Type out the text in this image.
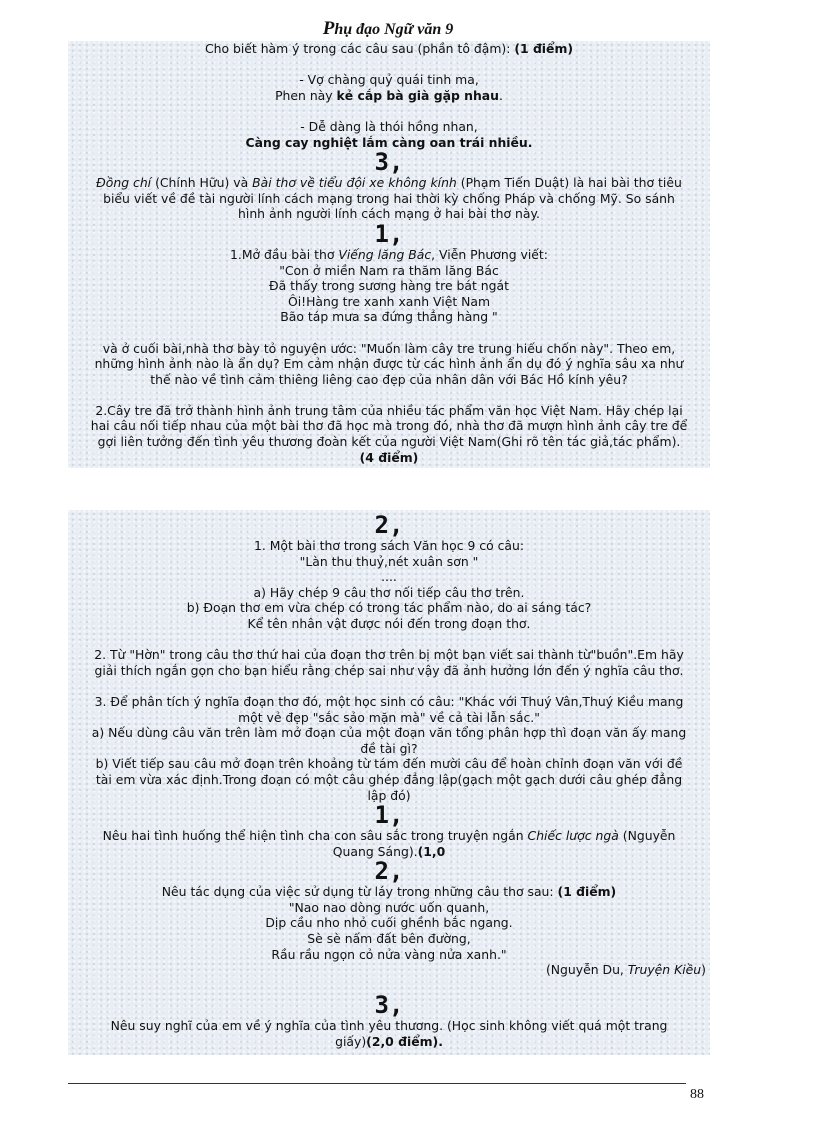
Phụ đạo Ngữ văn 9

Cho biết hàm ý trong các câu sau (phần tô đậm): (1 điểm)

- Vợ chàng quỷ quái tinh ma,

Phen này kẻ cắp bà già gặp nhau.

- Dễ dàng là thói hồng nhan,

Càng cay nghiệt lắm càng oan trái nhiều.

3,

Đồng chí (Chính Hữu) và Bài thơ về tiểu đội xe không kính (Phạm Tiến Duật) là hai bài thơ tiêu

biểu viết về đề tài người lính cách mạng trong hai thời kỳ chống Pháp và chống Mỹ. So sánh

hình ảnh người lính cách mạng ở hai bài thơ này.

1,

1.Mở đầu bài thơ Viếng lăng Bác, Viễn Phương viết:

"Con ở miền Nam ra thăm lăng Bác

Đã thấy trong sương hàng tre bát ngát

Ôi!Hàng tre xanh xanh Việt Nam

Bão táp mưa sa đứng thẳng hàng "

và ở cuối bài,nhà thơ bày tỏ nguyện ước: "Muốn làm cây tre trung hiếu chốn này". Theo em,

những hình ảnh nào là ẩn dụ? Em cảm nhận được từ các hình ảnh ẩn dụ đó ý nghĩa sâu xa như

thế nào về tình cảm thiêng liêng cao đẹp của nhân dân với Bác Hồ kính yêu?

2.Cây tre đã trở thành hình ảnh trung tâm của nhiều tác phẩm văn học Việt Nam. Hãy chép lại

hai câu nối tiếp nhau của một bài thơ đã học mà trong đó, nhà thơ đã mượn hình ảnh cây tre để

gợi liên tưởng đến tình yêu thương đoàn kết của người Việt Nam(Ghi rõ tên tác giả,tác phẩm).

(4 điểm)

2,

1. Một bài thơ trong sách Văn học 9 có câu:

"Làn thu thuỷ,nét xuân sơn "

....

a) Hãy chép 9 câu thơ nối tiếp câu thơ trên.

b) Đoạn thơ em vừa chép có trong tác phẩm nào, do ai sáng tác?

Kể tên nhân vật được nói đến trong đoạn thơ.

2. Từ "Hờn" trong câu thơ thứ hai của đoạn thơ trên bị một bạn viết sai thành từ"buồn".Em hãy

giải thích ngắn gọn cho bạn hiểu rằng chép sai như vậy đã ảnh hưởng lớn đến ý nghĩa câu thơ.

3. Để phân tích ý nghĩa đoạn thơ đó, một học sinh có câu: "Khác với Thuý Vân,Thuý Kiều mang

một vẻ đẹp "sắc sảo mặn mà" về cả tài lẫn sắc."

a) Nếu dùng câu văn trên làm mở đoạn của một đoạn văn tổng phân hợp thì đoạn văn ấy mang

đề tài gì?

b) Viết tiếp sau câu mở đoạn trên khoảng từ tám đến mười câu để hoàn chỉnh đoạn văn với đề

tài em vừa xác định.Trong đoạn có một câu ghép đẳng lập(gạch một gạch dưới câu ghép đẳng

lập đó)

1,

Nêu hai tình huống thể hiện tình cha con sâu sắc trong truyện ngắn Chiếc lược ngà (Nguyễn

Quang Sáng).(1,0

2,

Nêu tác dụng của việc sử dụng từ láy trong những câu thơ sau: (1 điểm)

"Nao nao dòng nước uốn quanh,

Dịp cầu nho nhỏ cuối ghềnh bắc ngang.

Sè sè nấm đất bên đường,

Rầu rầu ngọn cỏ nửa vàng nửa xanh."

(Nguyễn Du, Truyện Kiều)

3,

Nêu suy nghĩ của em về ý nghĩa của tình yêu thương. (Học sinh không viết quá một trang

giấy)(2,0 điểm).

88
